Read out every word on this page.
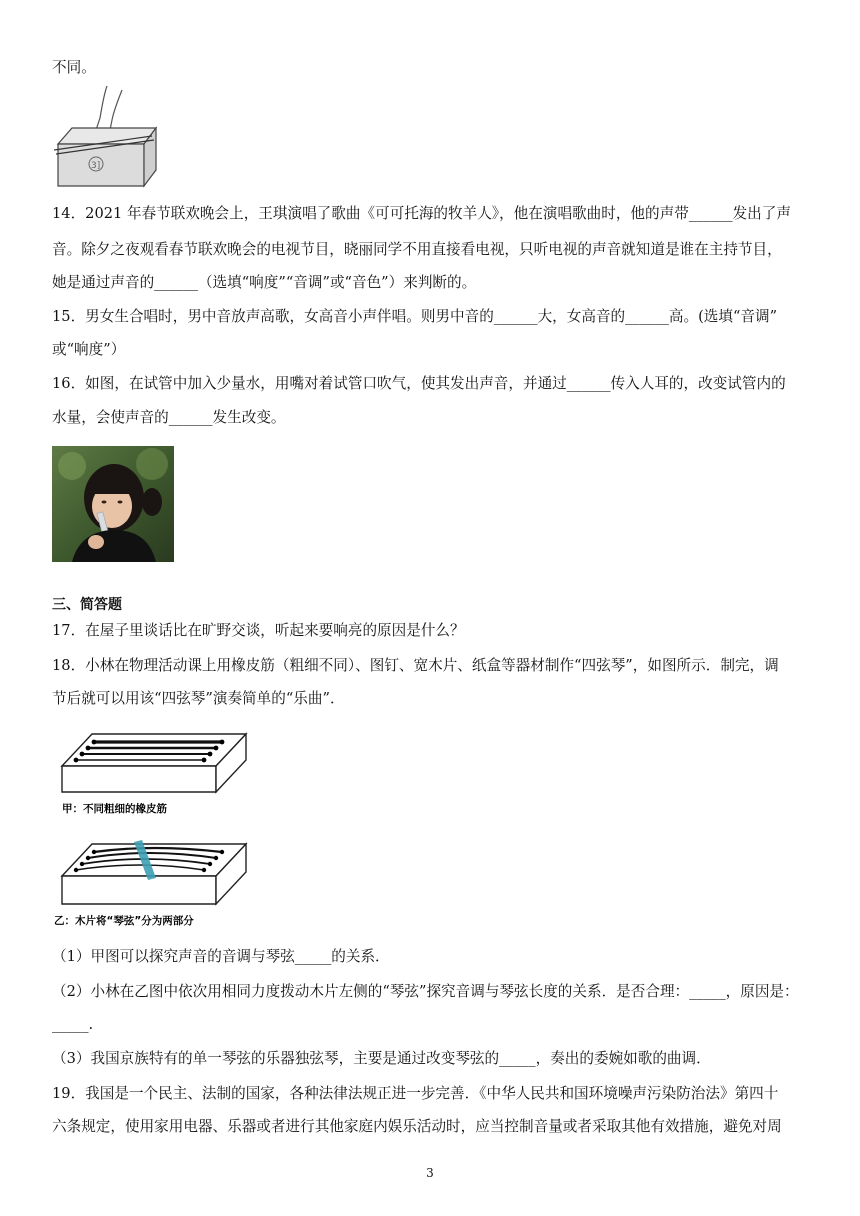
不同。
3]
14．2021 年春节联欢晚会上，王琪演唱了歌曲《可可托海的牧羊人》，他在演唱歌曲时，他的声带______发出了声
音。除夕之夜观看春节联欢晚会的电视节目，晓丽同学不用直接看电视，只听电视的声音就知道是谁在主持节目，
她是通过声音的______（选填“响度”“音调”或“音色”）来判断的。
15．男女生合唱时，男中音放声高歌，女高音小声伴唱。则男中音的______大，女高音的______高。(选填“音调”
或“响度”）
16．如图，在试管中加入少量水，用嘴对着试管口吹气，使其发出声音，并通过______传入人耳的，改变试管内的
水量，会使声音的______发生改变。
三、简答题
17．在屋子里谈话比在旷野交谈，听起来要响亮的原因是什么？
18．小林在物理活动课上用橡皮筋（粗细不同）、图钉、宽木片、纸盒等器材制作“四弦琴”，如图所示．制完，调
节后就可以用该“四弦琴”演奏简单的“乐曲”．
甲：不同粗细的橡皮筋
乙：木片将“琴弦”分为两部分
（1）甲图可以探究声音的音调与琴弦_____的关系．
（2）小林在乙图中依次用相同力度拨动木片左侧的“琴弦”探究音调与琴弦长度的关系．是否合理：_____，原因是：
_____.
（3）我国京族特有的单一琴弦的乐器独弦琴，主要是通过改变琴弦的_____，奏出的委婉如歌的曲调．
19．我国是一个民主、法制的国家，各种法律法规正进一步完善．《中华人民共和国环境噪声污染防治法》第四十
六条规定，使用家用电器、乐器或者进行其他家庭内娱乐活动时，应当控制音量或者采取其他有效措施，避免对周
3
